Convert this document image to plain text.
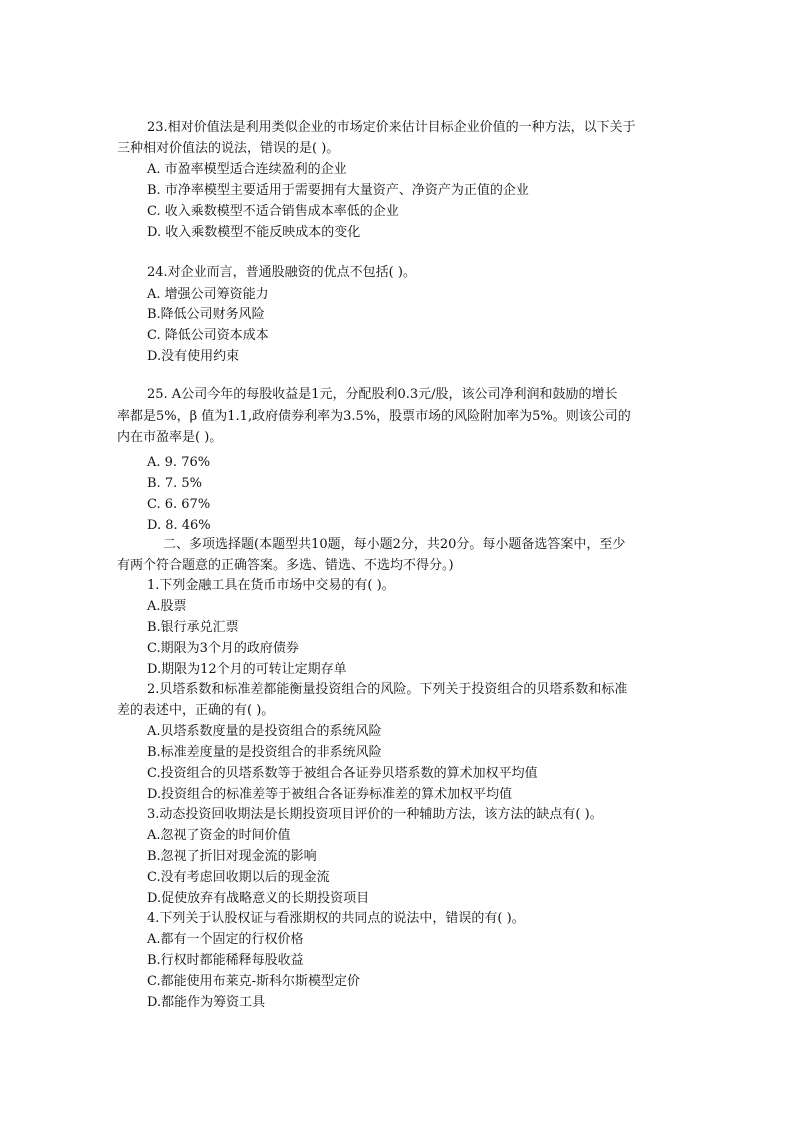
23.相对价值法是利用类似企业的市场定价来估计目标企业价值的一种方法，以下关于
三种相对价值法的说法，错误的是( )。
A. 市盈率模型适合连续盈利的企业
B. 市净率模型主要适用于需要拥有大量资产、净资产为正值的企业
C. 收入乘数模型不适合销售成本率低的企业
D. 收入乘数模型不能反映成本的变化
24.对企业而言，普通股融资的优点不包括( )。
A. 增强公司筹资能力
B.降低公司财务风险
C. 降低公司资本成本
D.没有使用约束
25. A公司今年的每股收益是1元，分配股利0.3元/股，该公司净利润和鼓励的增长
率都是5%，β 值为1.1,政府债券利率为3.5%，股票市场的风险附加率为5%。则该公司的
内在市盈率是( )。
A. 9. 76%
B. 7. 5%
C. 6. 67%
D. 8. 46%
二、多项选择题(本题型共10题，每小题2分，共20分。每小题备选答案中，至少
有两个符合题意的正确答案。多选、错选、不选均不得分。)
1.下列金融工具在货币市场中交易的有( )。
A.股票
B.银行承兑汇票
C.期限为3个月的政府债券
D.期限为12个月的可转让定期存单
2.贝塔系数和标准差都能衡量投资组合的风险。下列关于投资组合的贝塔系数和标准
差的表述中，正确的有( )。
A.贝塔系数度量的是投资组合的系统风险
B.标准差度量的是投资组合的非系统风险
C.投资组合的贝塔系数等于被组合各证券贝塔系数的算术加权平均值
D.投资组合的标准差等于被组合各证券标准差的算术加权平均值
3.动态投资回收期法是长期投资项目评价的一种辅助方法，该方法的缺点有( )。
A.忽视了资金的时间价值
B.忽视了折旧对现金流的影响
C.没有考虑回收期以后的现金流
D.促使放弃有战略意义的长期投资项目
4.下列关于认股权证与看涨期权的共同点的说法中，错误的有( )。
A.都有一个固定的行权价格
B.行权时都能稀释每股收益
C.都能使用布莱克-斯科尔斯模型定价
D.都能作为筹资工具
